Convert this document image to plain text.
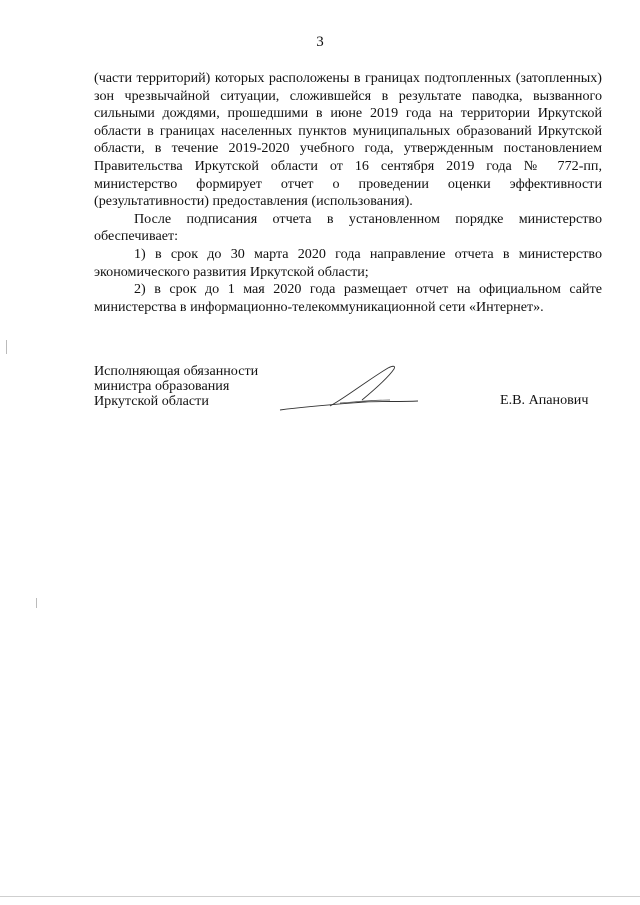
3

(части территорий) которых расположены в границах подтопленных (затопленных) зон чрезвычайной ситуации, сложившейся в результате паводка, вызванного сильными дождями, прошедшими в июне 2019 года на территории Иркутской области в границах населенных пунктов муниципальных образований Иркутской области, в течение 2019-2020 учебного года, утвержденным постановлением Правительства Иркутской области от 16 сентября 2019 года № 772-пп, министерство формирует отчет о проведении оценки эффективности (результативности) предоставления (использования).

После подписания отчета в установленном порядке министерство обеспечивает:

1) в срок до 30 марта 2020 года направление отчета в министерство экономического развития Иркутской области;

2) в срок до 1 мая 2020 года размещает отчет на официальном сайте министерства в информационно-телекоммуникационной сети «Интернет».

Исполняющая обязанности
министра образования
Иркутской области	Е.В. Апанович
